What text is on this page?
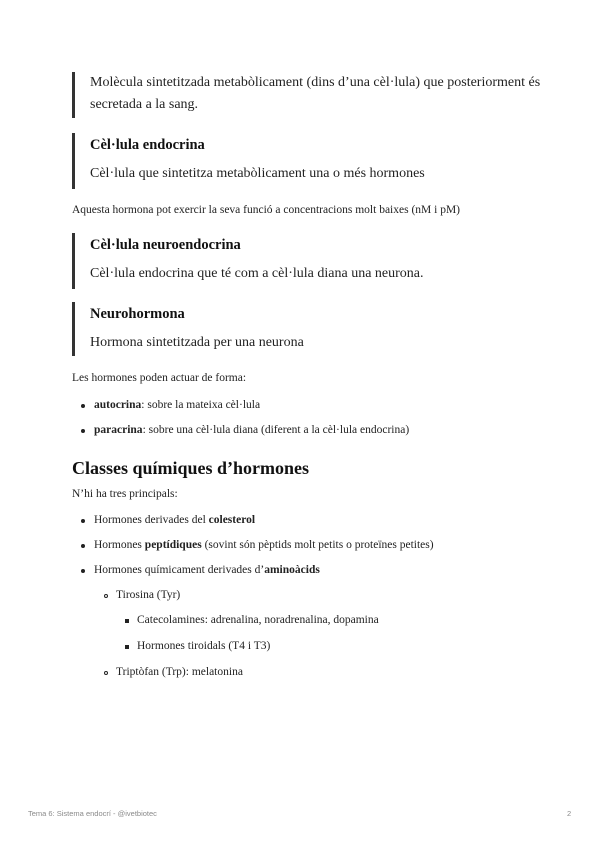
Molècula sintetitzada metabòlicament (dins d’una cèl·lula) que posteriorment és secretada a la sang.
Cèl·lula endocrina
Cèl·lula que sintetitza metabòlicament una o més hormones
Aquesta hormona pot exercir la seva funció a concentracions molt baixes (nM i pM)
Cèl·lula neuroendocrina
Cèl·lula endocrina que té com a cèl·lula diana una neurona.
Neurohormona
Hormona sintetitzada per una neurona
Les hormones poden actuar de forma:
autocrina: sobre la mateixa cèl·lula
paracrina: sobre una cèl·lula diana (diferent a la cèl·lula endocrina)
Classes químiques d’hormones
N’hi ha tres principals:
Hormones derivades del colesterol
Hormones peptídiques (sovint són pèptids molt petits o proteïnes petites)
Hormones químicament derivades d’aminoàcids
Tirosina (Tyr)
Catecolamines: adrenalina, noradrenalina, dopamina
Hormones tiroidals (T4 i T3)
Triptòfan (Trp): melatonina
Tema 6: Sistema endocrí - @ivetbiotec	2
